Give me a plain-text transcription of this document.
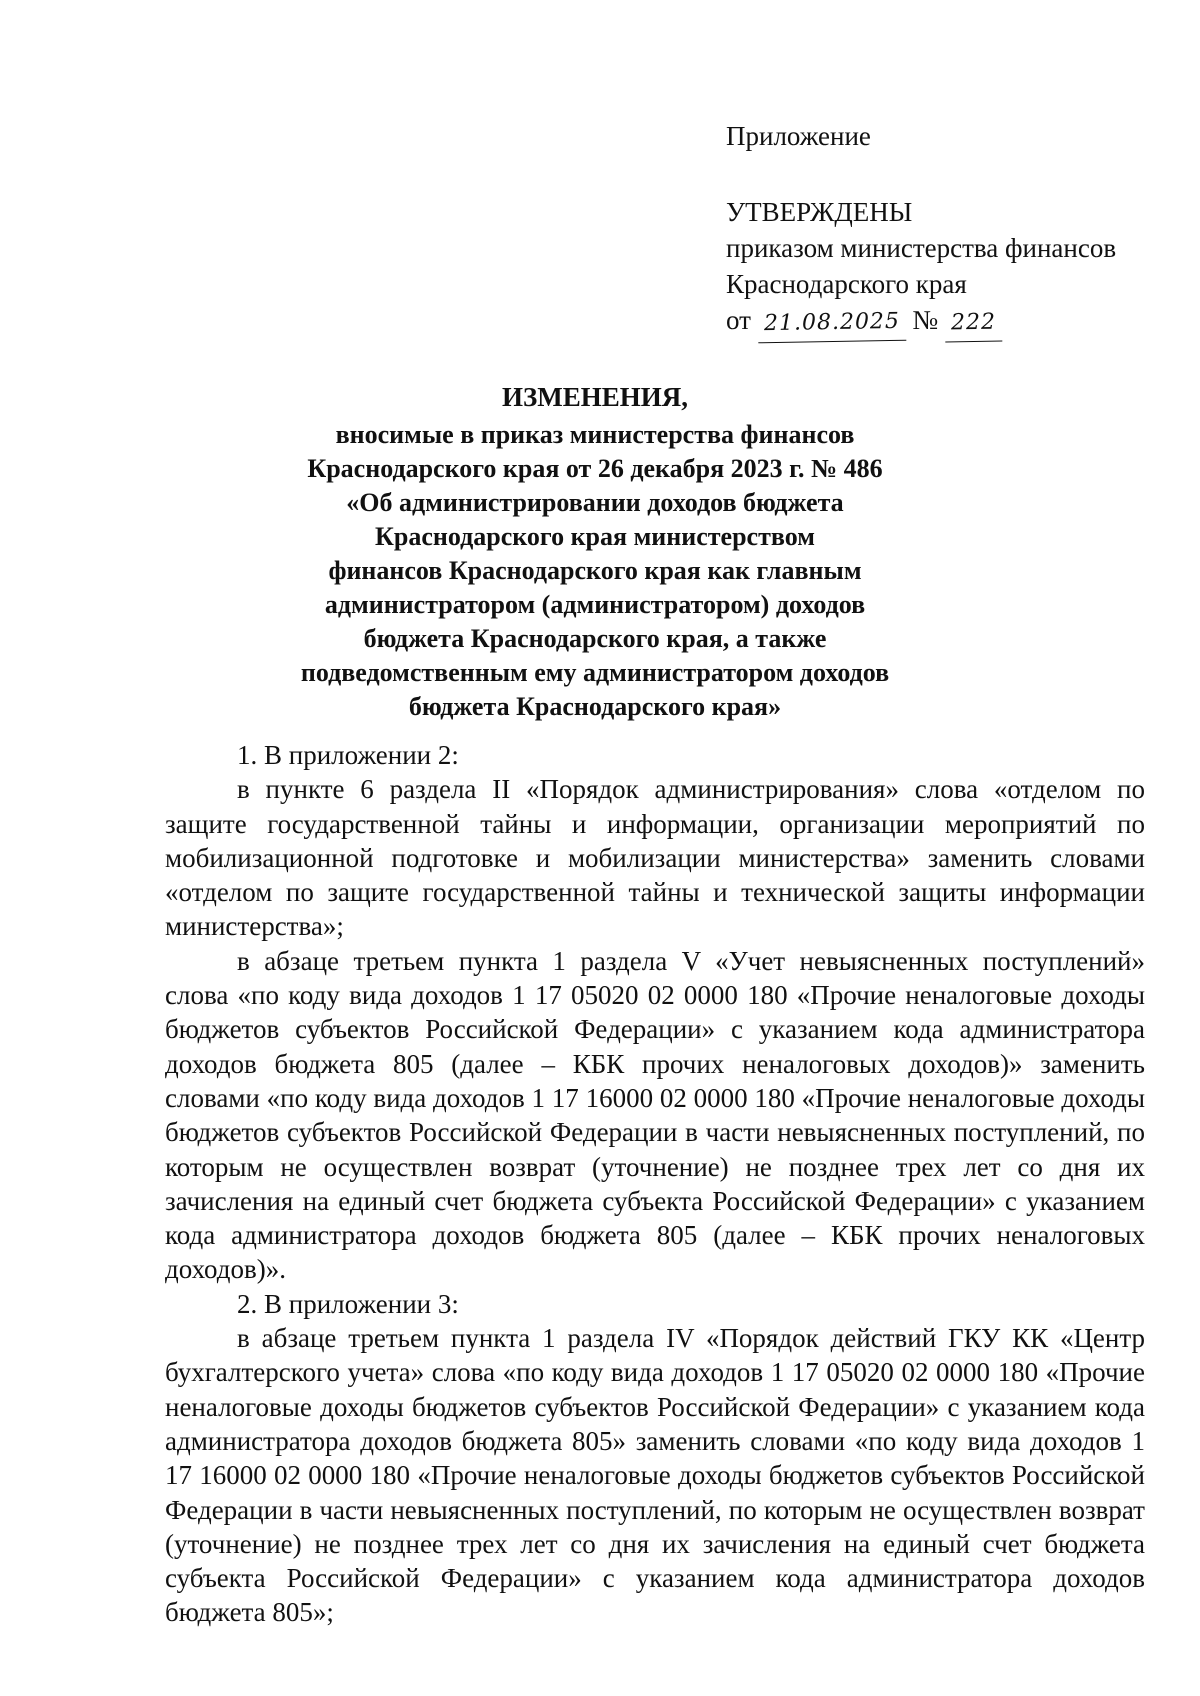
Приложение
УТВЕРЖДЕНЫ
приказом министерства финансов
Краснодарского края
от 21.08.2025 № 222
ИЗМЕНЕНИЯ,
вносимые в приказ министерства финансов
Краснодарского края от 26 декабря 2023 г. № 486
«Об администрировании доходов бюджета
Краснодарского края министерством
финансов Краснодарского края как главным
администратором (администратором) доходов
бюджета Краснодарского края, а также
подведомственным ему администратором доходов
бюджета Краснодарского края»

1. В приложении 2:

в пункте 6 раздела II «Порядок администрирования» слова «отделом по защите государственной тайны и информации, организации мероприятий по мобилизационной подготовке и мобилизации министерства» заменить словами «отделом по защите государственной тайны и технической защиты информации министерства»;

в абзаце третьем пункта 1 раздела V «Учет невыясненных поступлений» слова «по коду вида доходов 1 17 05020 02 0000 180 «Прочие неналоговые доходы бюджетов субъектов Российской Федерации» с указанием кода администратора доходов бюджета 805 (далее – КБК прочих неналоговых доходов)» заменить словами «по коду вида доходов 1 17 16000 02 0000 180 «Прочие неналоговые доходы бюджетов субъектов Российской Федерации в части невыясненных поступлений, по которым не осуществлен возврат (уточнение) не позднее трех лет со дня их зачисления на единый счет бюджета субъекта Российской Федерации» с указанием кода администратора доходов бюджета 805 (далее – КБК прочих неналоговых доходов)».

2. В приложении 3:

в абзаце третьем пункта 1 раздела IV «Порядок действий ГКУ КК «Центр бухгалтерского учета» слова «по коду вида доходов 1 17 05020 02 0000 180 «Прочие неналоговые доходы бюджетов субъектов Российской Федерации» с указанием кода администратора доходов бюджета 805» заменить словами «по коду вида доходов 1 17 16000 02 0000 180 «Прочие неналоговые доходы бюджетов субъектов Российской Федерации в части невыясненных поступлений, по которым не осуществлен возврат (уточнение) не позднее трех лет со дня их зачисления на единый счет бюджета субъекта Российской Федерации» с указанием кода администратора доходов бюджета 805»;
